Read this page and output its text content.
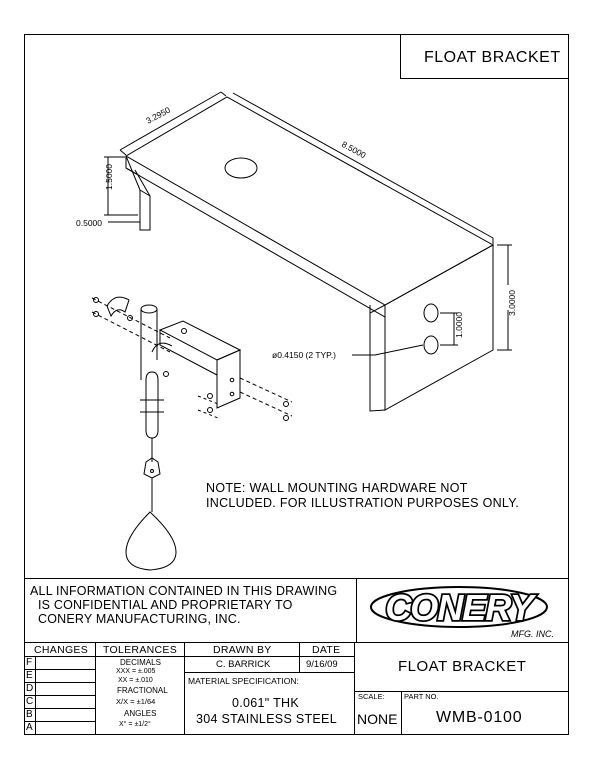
FLOAT BRACKET
3.2950
8.5000
1.5000
0.5000
3.0000
1.0000
ø0.4150 (2 TYP.)
NOTE: WALL MOUNTING HARDWARE NOT
INCLUDED. FOR ILLUSTRATION PURPOSES ONLY.
ALL INFORMATION CONTAINED IN THIS DRAWING
IS CONFIDENTIAL AND PROPRIETARY TO
CONERY MANUFACTURING, INC.	CONERY
MFG. INC.
F
E
D
C
B
A
CHANGES TOLERANCES	DRAWN BY	DATE
DECIMALS
XXX = ±.005
XX = ±.010
FRACTIONAL
X/X = ±1/64
ANGLES
X° = ±1/2°
C. BARRICK	9/16/09
MATERIAL SPECIFICATION:
0.061" THK
304 STAINLESS STEEL
FLOAT BRACKET
SCALE:
NONE
PART NO.
WMB-0100
